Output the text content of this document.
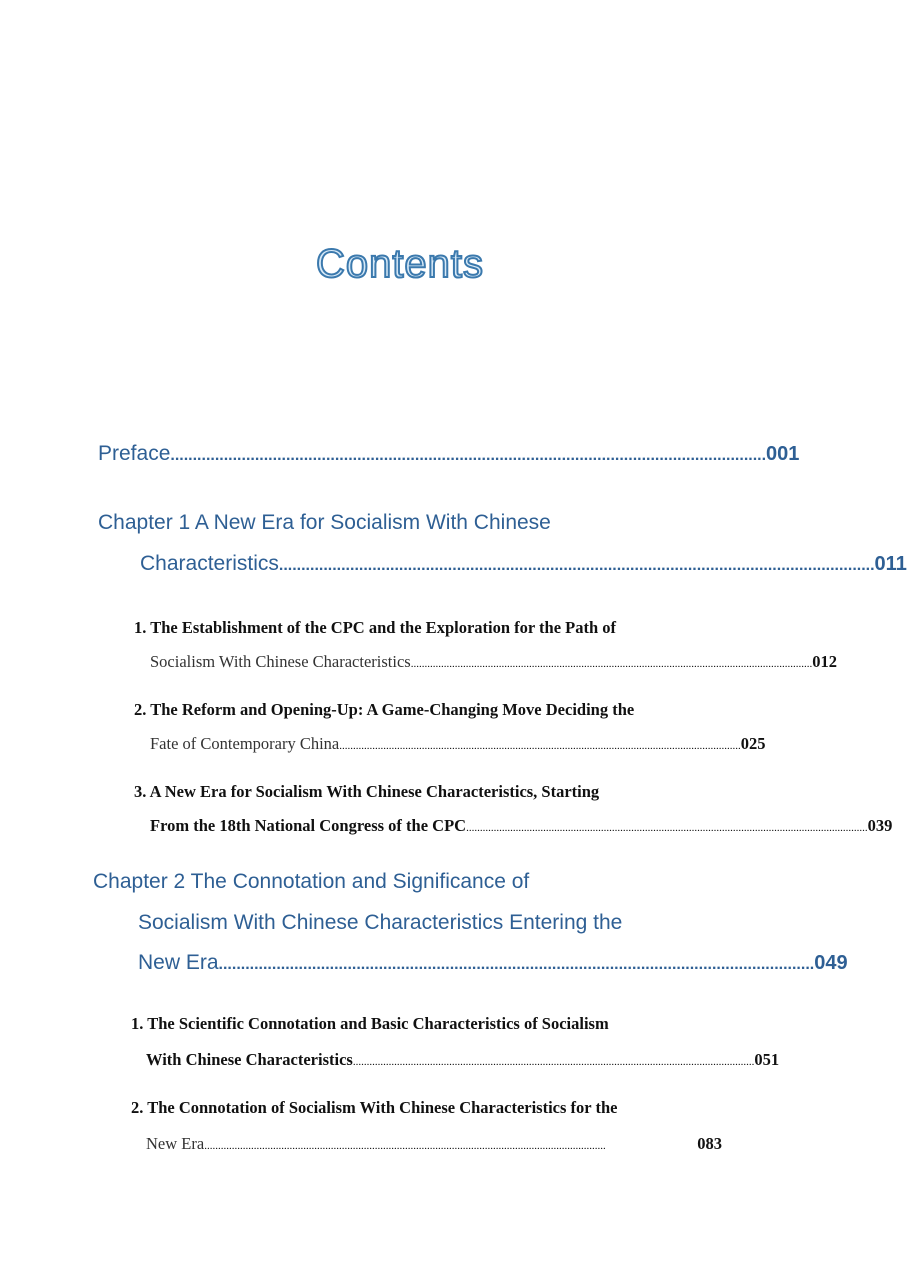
Contents
Preface ...................................................................................................................................... 001
Chapter 1 A New Era for Socialism With Chinese
Characteristics ...................................................................................................................................... 011
1. The Establishment of the CPC and the Exploration for the Path of
Socialism With Chinese Characteristics .................................................................................................................................................. 012
2. The Reform and Opening-Up: A Game-Changing Move Deciding the
Fate of Contemporary China .................................................................................................................................................. 025
3. A New Era for Socialism With Chinese Characteristics, Starting
From the 18th National Congress of the CPC .................................................................................................................................................. 039
Chapter 2 The Connotation and Significance of
Socialism With Chinese Characteristics Entering the
New Era ...................................................................................................................................... 049
1. The Scientific Connotation and Basic Characteristics of Socialism
With Chinese Characteristics .................................................................................................................................................. 051
2. The Connotation of Socialism With Chinese Characteristics for the
New Era ..................................................................................................................................................	083
